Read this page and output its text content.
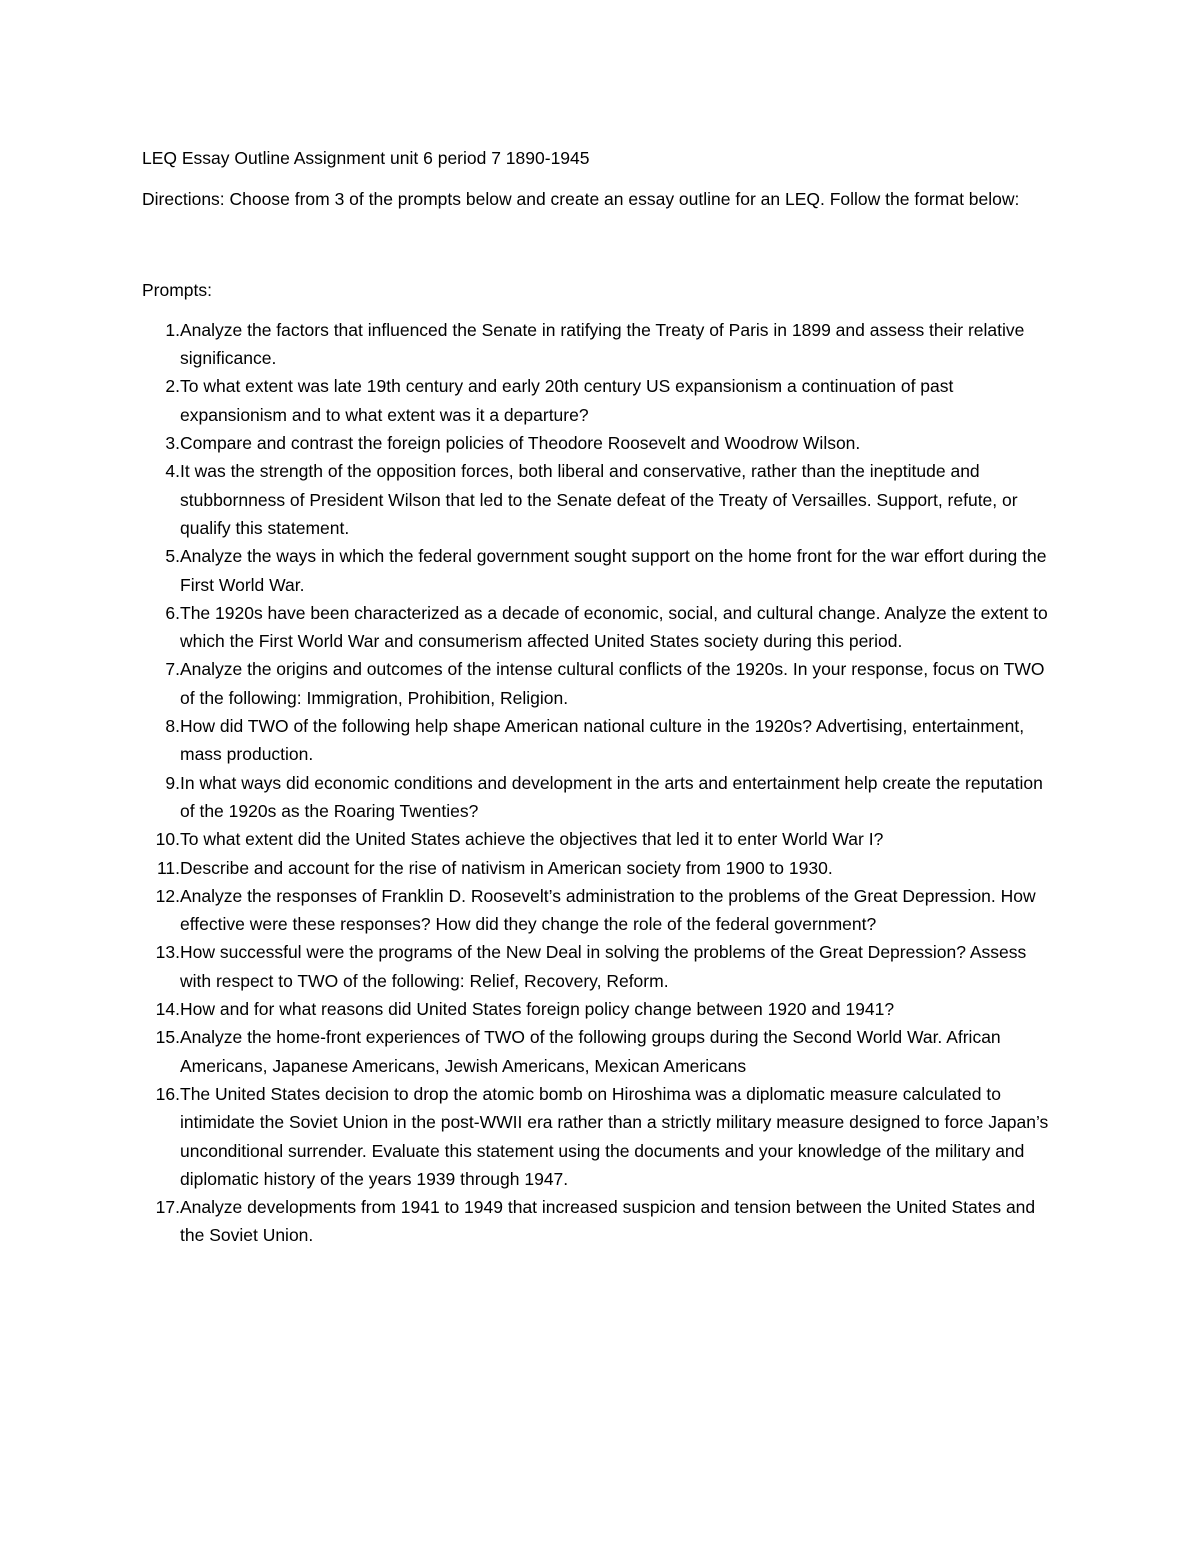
LEQ Essay Outline Assignment unit 6 period 7 1890-1945

Directions: Choose from 3 of the prompts below and create an essay outline for an LEQ. Follow the format below:

Prompts:

1. Analyze the factors that influenced the Senate in ratifying the Treaty of Paris in 1899 and assess their relative significance.
2. To what extent was late 19th century and early 20th century US expansionism a continuation of past expansionism and to what extent was it a departure?
3. Compare and contrast the foreign policies of Theodore Roosevelt and Woodrow Wilson.
4. It was the strength of the opposition forces, both liberal and conservative, rather than the ineptitude and stubbornness of President Wilson that led to the Senate defeat of the Treaty of Versailles. Support, refute, or qualify this statement.
5. Analyze the ways in which the federal government sought support on the home front for the war effort during the First World War.
6. The 1920s have been characterized as a decade of economic, social, and cultural change. Analyze the extent to which the First World War and consumerism affected United States society during this period.
7. Analyze the origins and outcomes of the intense cultural conflicts of the 1920s. In your response, focus on TWO of the following: Immigration, Prohibition, Religion.
8. How did TWO of the following help shape American national culture in the 1920s? Advertising, entertainment, mass production.
9. In what ways did economic conditions and development in the arts and entertainment help create the reputation of the 1920s as the Roaring Twenties?
10. To what extent did the United States achieve the objectives that led it to enter World War I?
11. Describe and account for the rise of nativism in American society from 1900 to 1930.
12. Analyze the responses of Franklin D. Roosevelt’s administration to the problems of the Great Depression. How effective were these responses? How did they change the role of the federal government?
13. How successful were the programs of the New Deal in solving the problems of the Great Depression? Assess with respect to TWO of the following: Relief, Recovery, Reform.
14. How and for what reasons did United States foreign policy change between 1920 and 1941?
15. Analyze the home-front experiences of TWO of the following groups during the Second World War. African Americans, Japanese Americans, Jewish Americans, Mexican Americans
16. The United States decision to drop the atomic bomb on Hiroshima was a diplomatic measure calculated to intimidate the Soviet Union in the post-WWII era rather than a strictly military measure designed to force Japan’s unconditional surrender. Evaluate this statement using the documents and your knowledge of the military and diplomatic history of the years 1939 through 1947.
17. Analyze developments from 1941 to 1949 that increased suspicion and tension between the United States and the Soviet Union.
